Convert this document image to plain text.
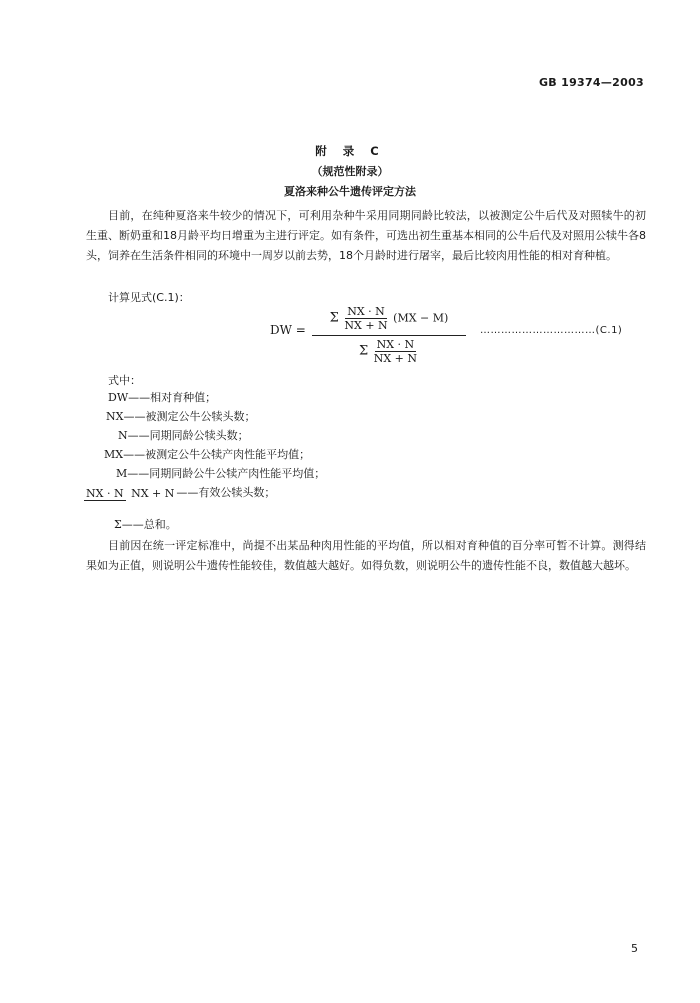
GB 19374—2003
附 录 C
（规范性附录）
夏洛来种公牛遗传评定方法
目前，在纯种夏洛来牛较少的情况下，可利用杂种牛采用同期同龄比较法，以被测定公牛后代及对照犊牛的初生重、断奶重和18月龄平均日增重为主进行评定。如有条件，可选出初生重基本相同的公牛后代及对照用公犊牛各8头，饲养在生活条件相同的环境中一周岁以前去势，18个月龄时进行屠宰，最后比较肉用性能的相对育种植。
计算见式(C.1)：
DW =
Σ $\frac{NX \cdot N}{NX + N} (MX - M)$
Σ $\frac{NX \cdot N}{NX + N}$
……………………………(C.1)
式中：
DW——相对育种值；
NX——被测定公牛公犊头数；
N——同期同龄公犊头数；
MX——被测定公牛公犊产肉性能平均值；
M——同期同龄公牛公犊产肉性能平均值；
NX · N NX + N ——有效公犊头数；
Σ——总和。
目前因在统一评定标准中，尚提不出某品种肉用性能的平均值，所以相对育种值的百分率可暂不计算。测得结果如为正值，则说明公牛遗传性能较佳，数值越大越好。如得负数，则说明公牛的遗传性能不良，数值越大越坏。
5
